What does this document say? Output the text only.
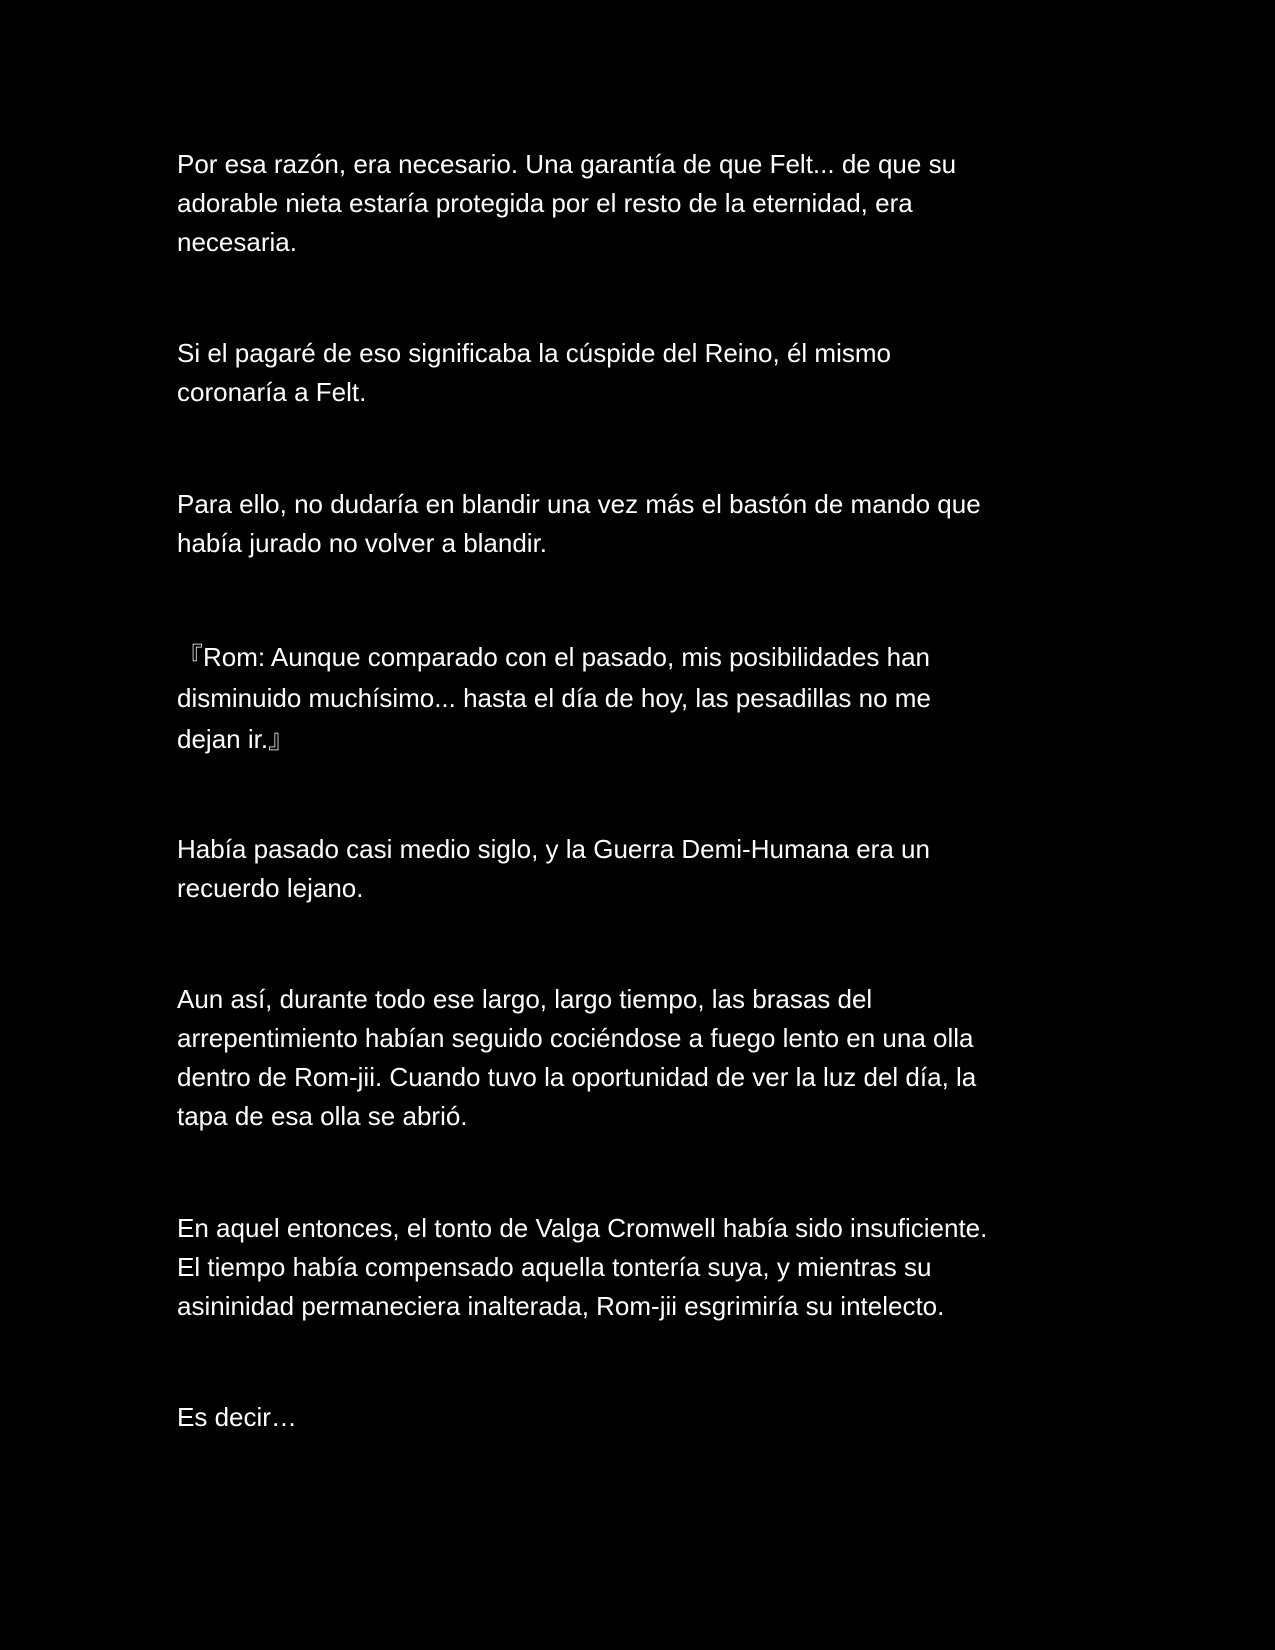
Por esa razón, era necesario. Una garantía de que Felt... de que su
adorable nieta estaría protegida por el resto de la eternidad, era
necesaria.

Si el pagaré de eso significaba la cúspide del Reino, él mismo
coronaría a Felt.

Para ello, no dudaría en blandir una vez más el bastón de mando que
había jurado no volver a blandir.

『Rom: Aunque comparado con el pasado, mis posibilidades han
disminuido muchísimo... hasta el día de hoy, las pesadillas no me
dejan ir.』

Había pasado casi medio siglo, y la Guerra Demi-Humana era un
recuerdo lejano.

Aun así, durante todo ese largo, largo tiempo, las brasas del
arrepentimiento habían seguido cociéndose a fuego lento en una olla
dentro de Rom-jii. Cuando tuvo la oportunidad de ver la luz del día, la
tapa de esa olla se abrió.

En aquel entonces, el tonto de Valga Cromwell había sido insuficiente.
El tiempo había compensado aquella tontería suya, y mientras su
asininidad permaneciera inalterada, Rom-jii esgrimiría su intelecto.

Es decir…
